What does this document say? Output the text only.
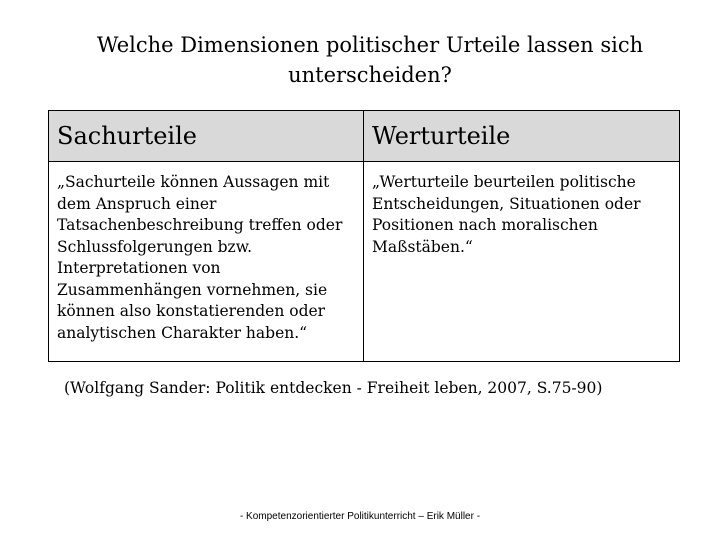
Welche Dimensionen politischer Urteile lassen sich
unterscheiden?
Sachurteile	Werturteile
„Sachurteile können Aussagen mit dem Anspruch einer Tatsachenbeschreibung treffen oder Schlussfolgerungen bzw. Interpretationen von Zusammenhängen vornehmen, sie können also konstatierenden oder analytischen Charakter haben.“	„Werturteile beurteilen politische Entscheidungen, Situationen oder Positionen nach moralischen Maßstäben.“
(Wolfgang Sander: Politik entdecken - Freiheit leben, 2007, S.75-90)
- Kompetenzorientierter Politikunterricht – Erik Müller -
